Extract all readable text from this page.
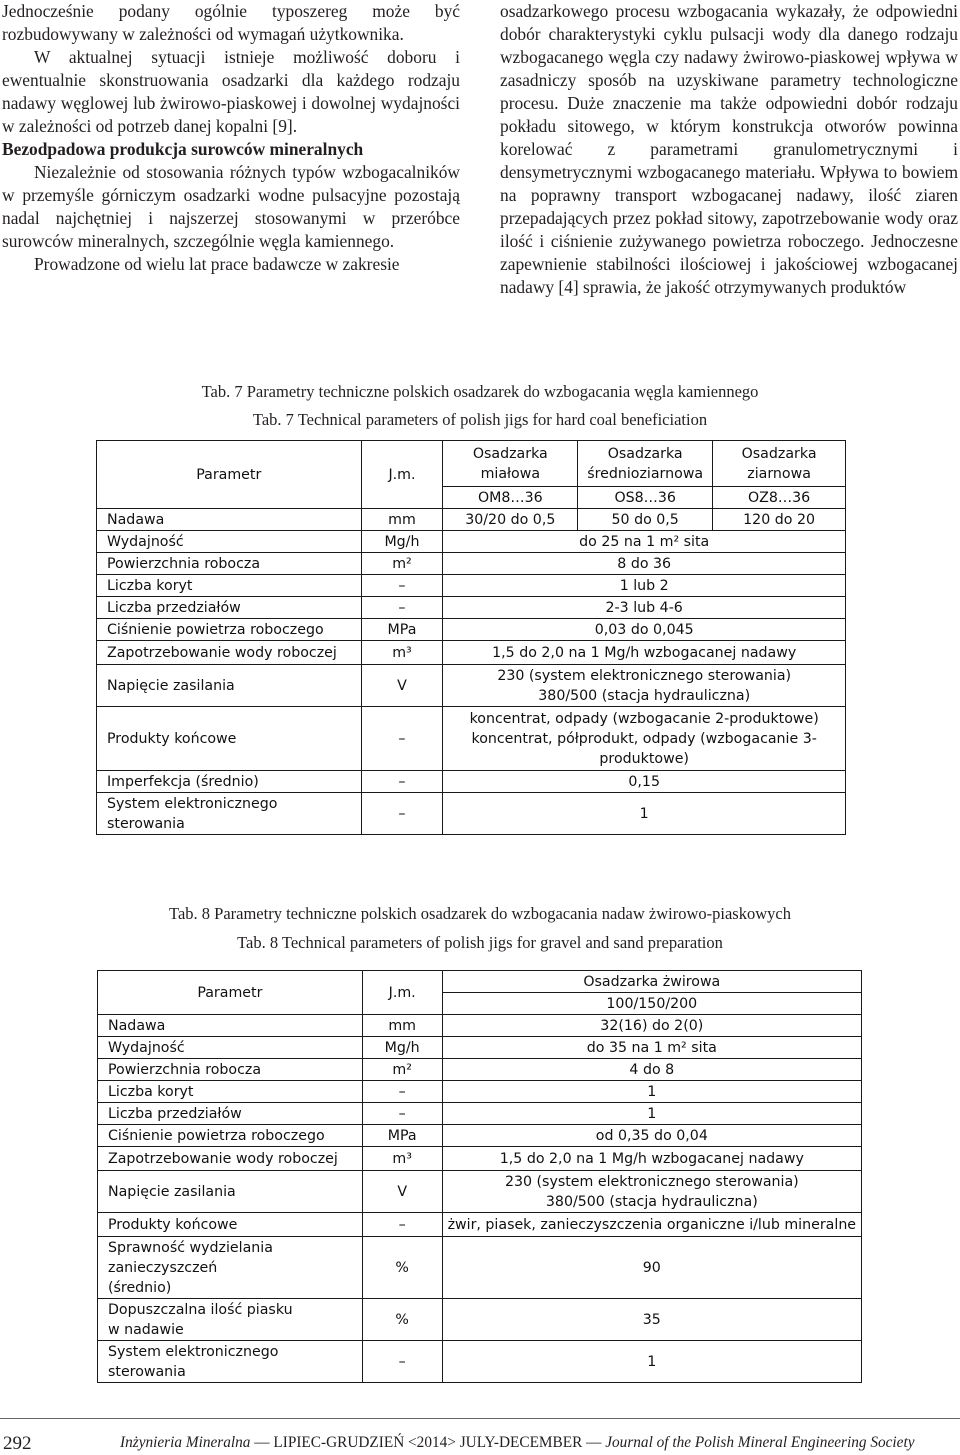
Jednocześnie podany ogólnie typoszereg może być rozbudowywany w zależności od wymagań użytkownika.

W aktualnej sytuacji istnieje możliwość doboru i ewentualnie skonstruowania osadzarki dla każdego rodzaju nadawy węglowej lub żwirowo-piaskowej i dowolnej wydajności w zależności od potrzeb danej kopalni [9].

Bezodpadowa produkcja surowców mineralnych

Niezależnie od stosowania różnych typów wzbogacalników w przemyśle górniczym osadzarki wodne pulsacyjne pozostają nadal najchętniej i najszerzej stosowanymi w przeróbce surowców mineralnych, szczególnie węgla kamiennego.

Prowadzone od wielu lat prace badawcze w zakresie

osadzarkowego procesu wzbogacania wykazały, że odpowiedni dobór charakterystyki cyklu pulsacji wody dla danego rodzaju wzbogacanego węgla czy nadawy żwirowo-piaskowej wpływa w zasadniczy sposób na uzyskiwane parametry technologiczne procesu. Duże znaczenie ma także odpowiedni dobór rodzaju pokładu sitowego, w którym konstrukcja otworów powinna korelować z parametrami granulometrycznymi i densymetrycznymi wzbogacanego materiału. Wpływa to bowiem na poprawny transport wzbogacanej nadawy, ilość ziaren przepadających przez pokład sitowy, zapotrzebowanie wody oraz ilość i ciśnienie zużywanego powietrza roboczego. Jednoczesne zapewnienie stabilności ilościowej i jakościowej wzbogacanej nadawy [4] sprawia, że jakość otrzymywanych produktów

Tab. 7 Parametry techniczne polskich osadzarek do wzbogacania węgla kamiennego
Tab. 7 Technical parameters of polish jigs for hard coal beneficiation
Parametr	J.m.	Osadzarka miałowa	Osadzarka średnioziarnowa	Osadzarka ziarnowa
		OM8…36	OS8…36	OZ8…36
Nadawa	mm	30/20 do 0,5	50 do 0,5	120 do 20
Wydajność	Mg/h	do 25 na 1 m² sita		
Powierzchnia robocza	m²	8 do 36		
Liczba koryt	–	1 lub 2		
Liczba przedziałów	–	2-3 lub 4-6		
Ciśnienie powietrza roboczego	MPa	0,03 do 0,045		
Zapotrzebowanie wody roboczej	m³	1,5 do 2,0 na 1 Mg/h wzbogacanej nadawy		
Napięcie zasilania	V	230 (system elektronicznego sterowania)
380/500 (stacja hydrauliczna)		

Produkty końcowe	–	koncentrat, odpady (wzbogacanie 2-produktowe)
koncentrat, półprodukt, odpady (wzbogacanie 3-
produktowe)		

Imperfekcja (średnio)	–	0,15		

System elektronicznego
sterowania	–	1		
Tab. 8 Parametry techniczne polskich osadzarek do wzbogacania nadaw żwirowo-piaskowych
Tab. 8 Technical parameters of polish jigs for gravel and sand preparation
Parametr	J.m.	Osadzarka żwirowa
		100/150/200
Nadawa	mm	32(16) do 2(0)
Wydajność	Mg/h	do 35 na 1 m² sita
Powierzchnia robocza	m²	4 do 8
Liczba koryt	–	1
Liczba przedziałów	–	1
Ciśnienie powietrza roboczego	MPa	od 0,35 do 0,04
Zapotrzebowanie wody roboczej	m³	1,5 do 2,0 na 1 Mg/h wzbogacanej nadawy
Napięcie zasilania	V	230 (system elektronicznego sterowania)
380/500 (stacja hydrauliczna)

Produkty końcowe	–	żwir, piasek, zanieczyszczenia organiczne i/lub mineralne

Sprawność wydzielania
zanieczyszczeń
(średnio)	%	90

Dopuszczalna ilość piasku
w nadawie	%	35

System elektronicznego
sterowania	–	1
292	Inżynieria Mineralna — LIPIEC-GRUDZIEŃ <2014> JULY-DECEMBER — Journal of the Polish Mineral Engineering Society
